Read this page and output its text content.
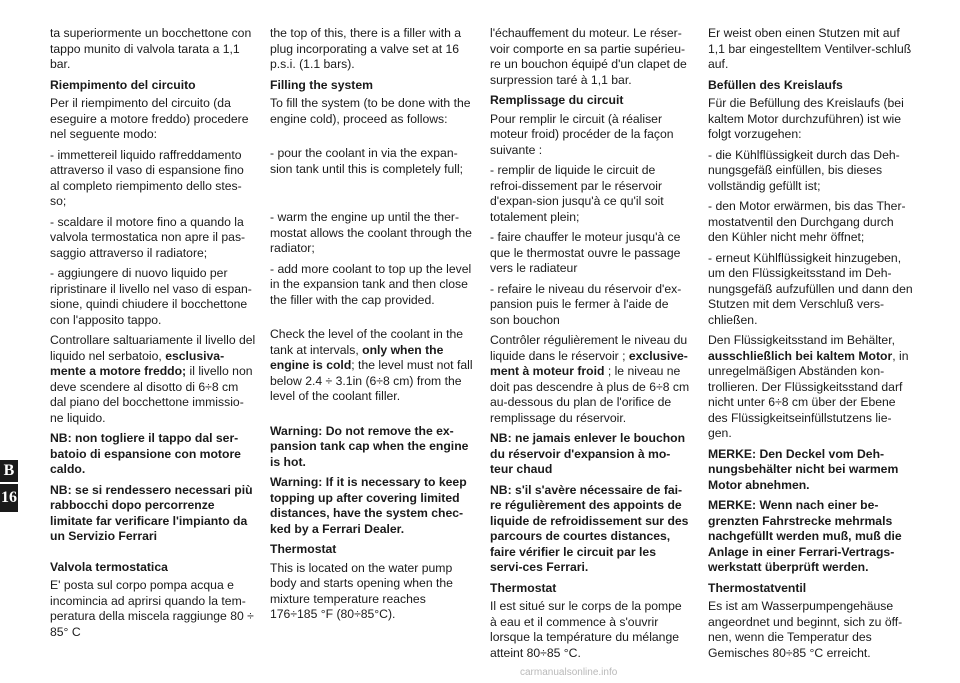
B
16

ta superiormente un bocchettone con tappo munito di valvola tarata a 1,1 bar.

Riempimento del circuito

Per il riempimento del circuito (da eseguire a motore freddo) procedere nel seguente modo:

- immettereil liquido raffreddamento attraverso il vaso di espansione fino al completo riempimento dello stes-so;

- scaldare il motore fino a quando la valvola termostatica non apre il pas-saggio attraverso il radiatore;

- aggiungere di nuovo liquido per ripristinare il livello nel vaso di espan-sione, quindi chiudere il bocchettone con l'apposito tappo.

Controllare saltuariamente il livello del liquido nel serbatoio, esclusiva-mente a motore freddo; il livello non deve scendere al disotto di 6÷8 cm dal piano del bocchettone immissio-ne liquido.

NB: non togliere il tappo dal ser-batoio di espansione con motore caldo.

NB: se si rendessero necessari più rabbocchi dopo percorrenze limitate far verificare l'impianto da un Servizio Ferrari

Valvola termostatica

E' posta sul corpo pompa acqua e incomincia ad aprirsi quando la tem-peratura della miscela raggiunge 80 ÷ 85° C

the top of this, there is a filler with a plug incorporating a valve set at 16 p.s.i. (1.1 bars).

Filling the system

To fill the system (to be done with the engine cold), proceed as follows:

- pour the coolant in via the expan-sion tank until this is completely full;

- warm the engine up until the ther-mostat allows the coolant through the radiator;

- add more coolant to top up the level in the expansion tank and then close the filler with the cap provided.

Check the level of the coolant in the tank at intervals, only when the engine is cold; the level must not fall below 2.4 ÷ 3.1in (6÷8 cm) from the level of the coolant filler.

Warning: Do not remove the ex-pansion tank cap when the engine is hot.

Warning: If it is necessary to keep topping up after covering limited distances, have the system chec-ked by a Ferrari Dealer.

Thermostat

This is located on the water pump body and starts opening when the mixture temperature reaches 176÷185 °F (80÷85°C).

l'échauffement du moteur. Le réser-voir comporte en sa partie supérieu-re un bouchon équipé d'un clapet de surpression taré à 1,1 bar.

Remplissage du circuit

Pour remplir le circuit (à réaliser moteur froid) procéder de la façon suivante :

- remplir de liquide le circuit de refroi-dissement par le réservoir d'expan-sion jusqu'à ce qu'il soit totalement plein;

- faire chauffer le moteur jusqu'à ce que le thermostat ouvre le passage vers le radiateur

- refaire le niveau du réservoir d'ex-pansion puis le fermer à l'aide de son bouchon

Contrôler régulièrement le niveau du liquide dans le réservoir ; exclusive-ment à moteur froid ; le niveau ne doit pas descendre à plus de 6÷8 cm au-dessous du plan de l'orifice de remplissage du réservoir.

NB: ne jamais enlever le bouchon du réservoir d'expansion à mo-teur chaud

NB: s'il s'avère nécessaire de fai-re régulièrement des appoints de liquide de refroidissement sur des parcours de courtes distances, faire vérifier le circuit par les servi-ces Ferrari.

Thermostat

Il est situé sur le corps de la pompe à eau et il commence à s'ouvrir lorsque la température du mélange atteint 80÷85 °C.

Er weist oben einen Stutzen mit auf 1,1 bar eingestelltem Ventilver-schluß auf.

Befüllen des Kreislaufs

Für die Befüllung des Kreislaufs (bei kaltem Motor durchzuführen) ist wie folgt vorzugehen:

- die Kühlflüssigkeit durch das Deh-nungsgefäß einfüllen, bis dieses vollständig gefüllt ist;

- den Motor erwärmen, bis das Ther-mostatventil den Durchgang durch den Kühler nicht mehr öffnet;

- erneut Kühlflüssigkeit hinzugeben, um den Flüssigkeitsstand im Deh-nungsgefäß aufzufüllen und dann den Stutzen mit dem Verschluß vers-chließen.

Den Flüssigkeitsstand im Behälter, ausschließlich bei kaltem Motor, in unregelmäßigen Abständen kon-trollieren. Der Flüssigkeitsstand darf nicht unter 6÷8 cm über der Ebene des Flüssigkeitseinfüllstutzens lie-gen.

MERKE: Den Deckel vom Deh-nungsbehälter nicht bei warmem Motor abnehmen.

MERKE: Wenn nach einer be-grenzten Fahrstrecke mehrmals nachgefüllt werden muß, muß die Anlage in einer Ferrari-Vertrags-werkstatt überprüft werden.

Thermostatventil

Es ist am Wasserpumpengehäuse angeordnet und beginnt, sich zu öff-nen, wenn die Temperatur des Gemisches 80÷85 °C erreicht.

carmanualsonline.info
